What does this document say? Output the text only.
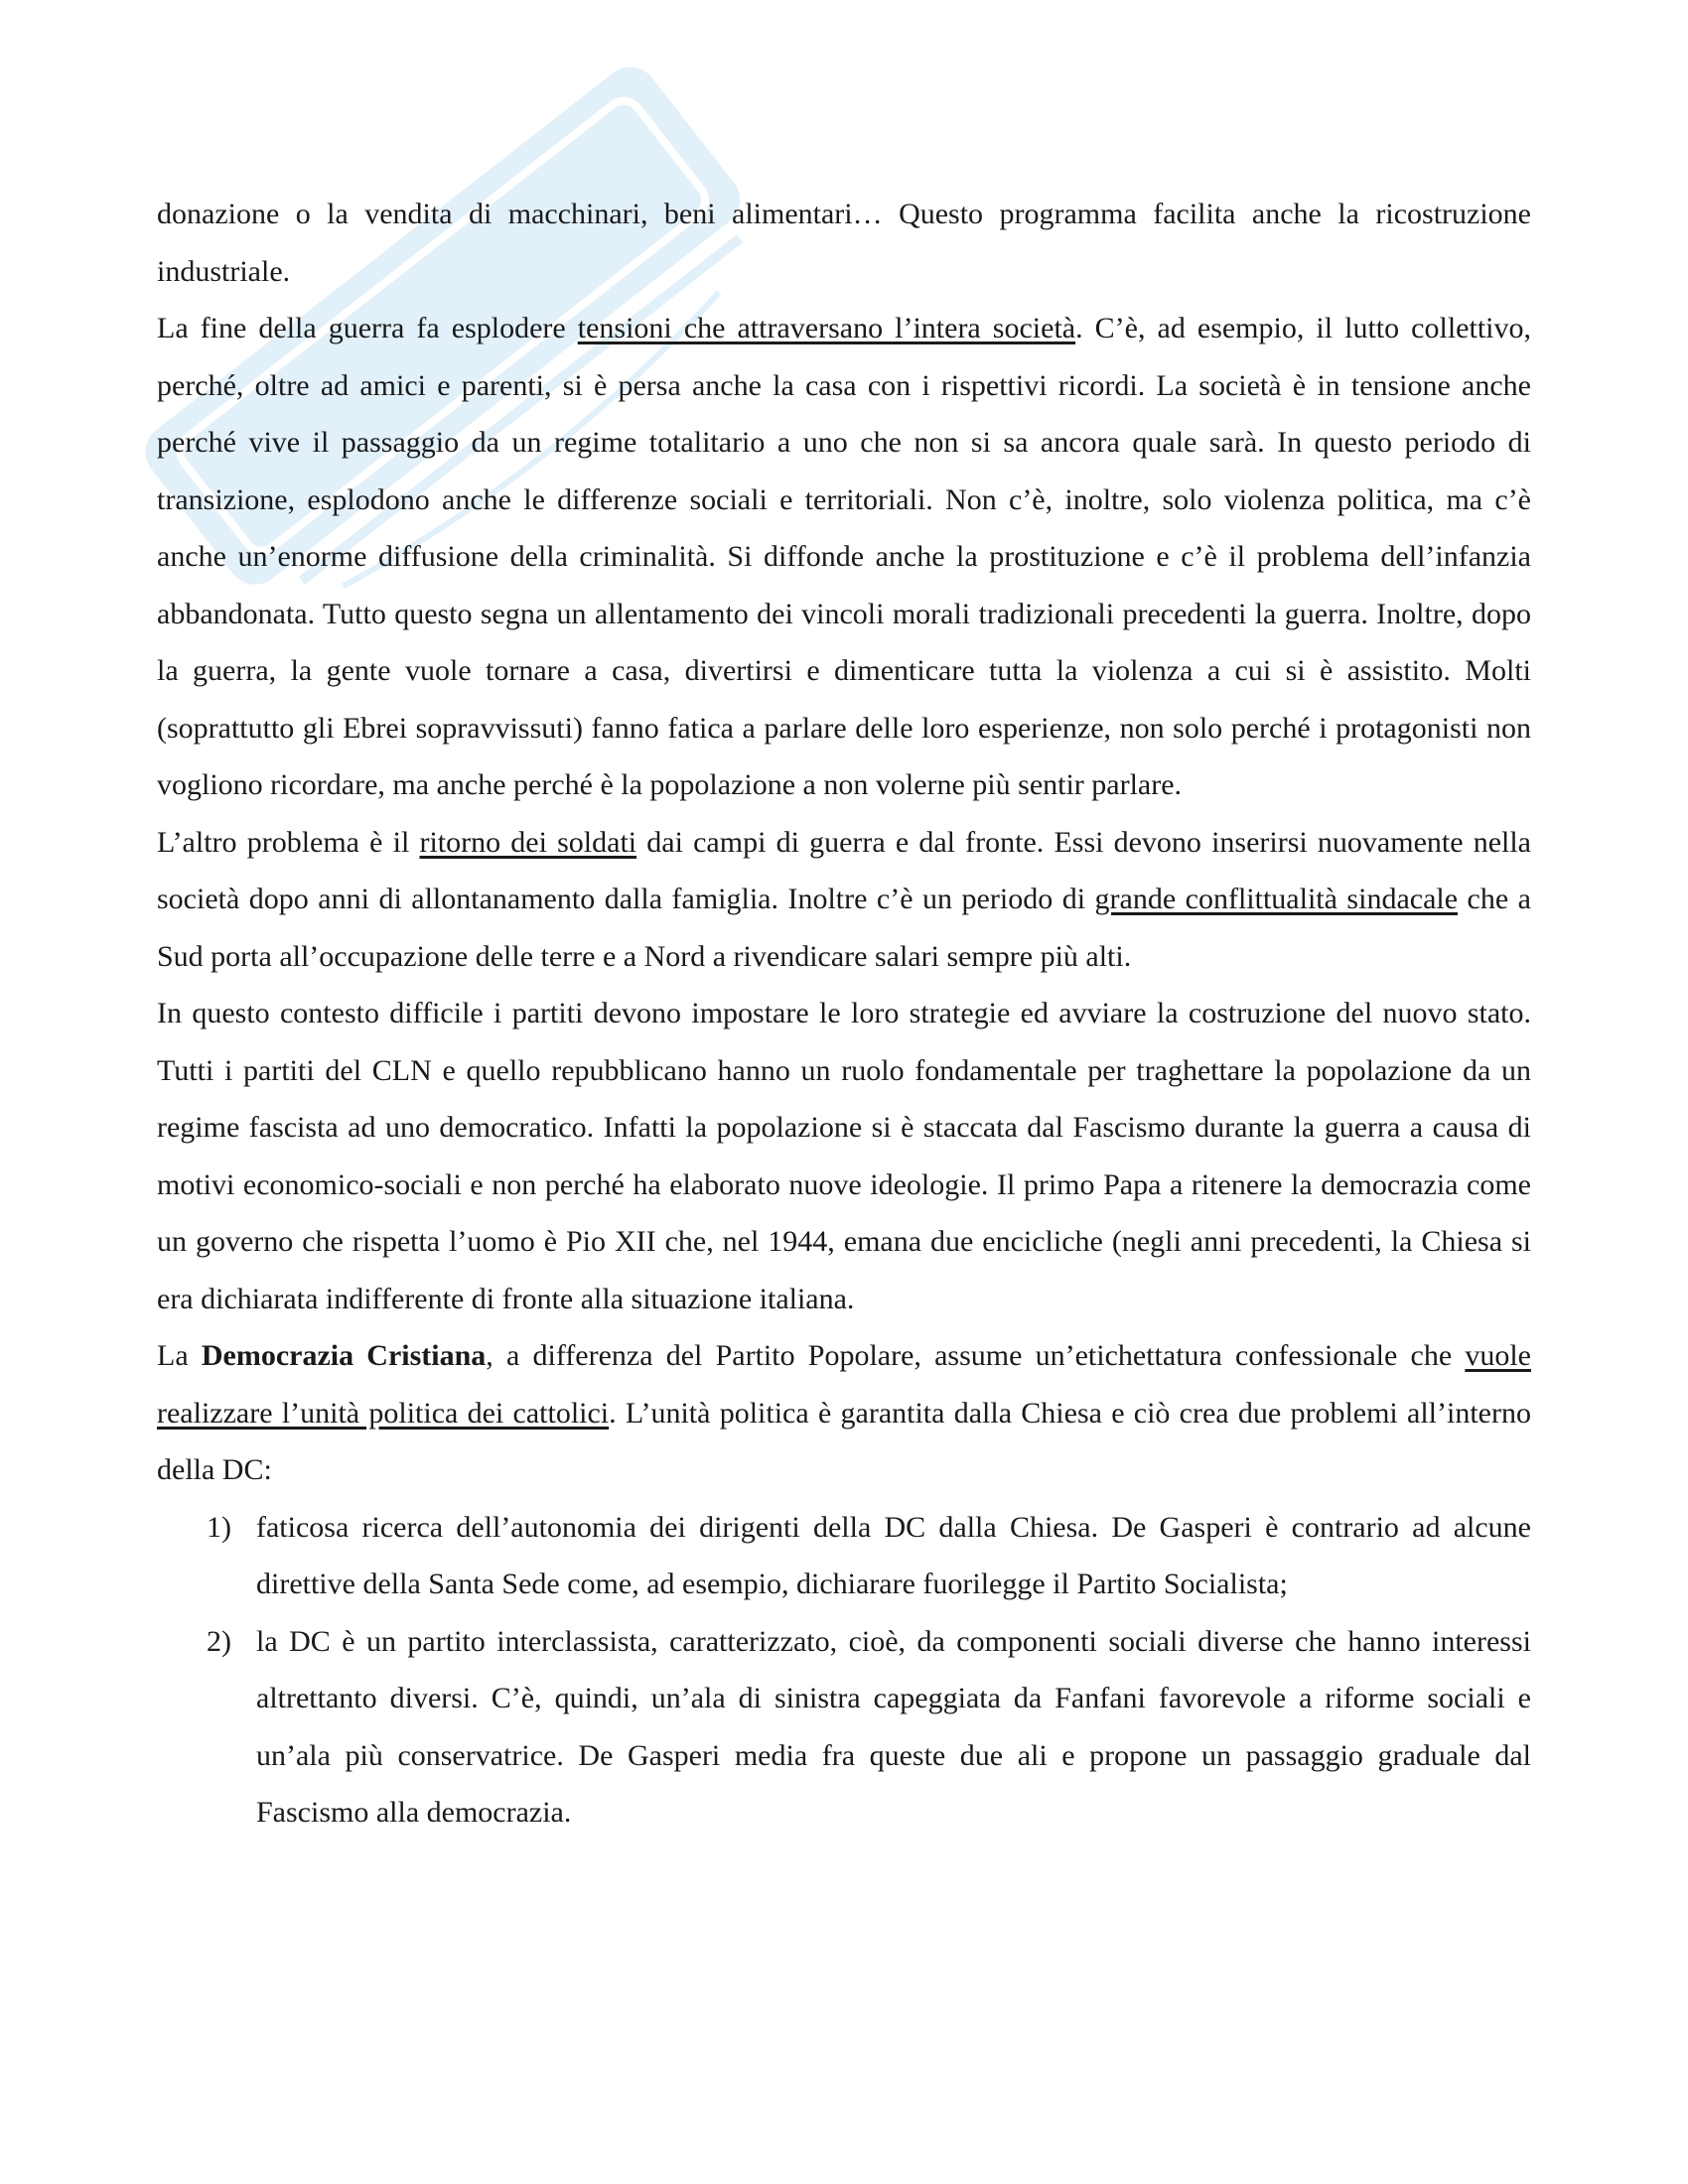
donazione o la vendita di macchinari, beni alimentari… Questo programma facilita anche la ricostruzione industriale.

La fine della guerra fa esplodere tensioni che attraversano l’intera società. C’è, ad esempio, il lutto collettivo, perché, oltre ad amici e parenti, si è persa anche la casa con i rispettivi ricordi. La società è in tensione anche perché vive il passaggio da un regime totalitario a uno che non si sa ancora quale sarà. In questo periodo di transizione, esplodono anche le differenze sociali e territoriali. Non c’è, inoltre, solo violenza politica, ma c’è anche un’enorme diffusione della criminalità. Si diffonde anche la prostituzione e c’è il problema dell’infanzia abbandonata. Tutto questo segna un allentamento dei vincoli morali tradizionali precedenti la guerra. Inoltre, dopo la guerra, la gente vuole tornare a casa, divertirsi e dimenticare tutta la violenza a cui si è assistito. Molti (soprattutto gli Ebrei sopravvissuti) fanno fatica a parlare delle loro esperienze, non solo perché i protagonisti non vogliono ricordare, ma anche perché è la popolazione a non volerne più sentir parlare.

L’altro problema è il ritorno dei soldati dai campi di guerra e dal fronte. Essi devono inserirsi nuovamente nella società dopo anni di allontanamento dalla famiglia. Inoltre c’è un periodo di grande conflittualità sindacale che a Sud porta all’occupazione delle terre e a Nord a rivendicare salari sempre più alti.

In questo contesto difficile i partiti devono impostare le loro strategie ed avviare la costruzione del nuovo stato. Tutti i partiti del CLN e quello repubblicano hanno un ruolo fondamentale per traghettare la popolazione da un regime fascista ad uno democratico. Infatti la popolazione si è staccata dal Fascismo durante la guerra a causa di motivi economico-sociali e non perché ha elaborato nuove ideologie. Il primo Papa a ritenere la democrazia come un governo che rispetta l’uomo è Pio XII che, nel 1944, emana due encicliche (negli anni precedenti, la Chiesa si era dichiarata indifferente di fronte alla situazione italiana.

La Democrazia Cristiana, a differenza del Partito Popolare, assume un’etichettatura confessionale che vuole realizzare l’unità politica dei cattolici. L’unità politica è garantita dalla Chiesa e ciò crea due problemi all’interno della DC:

1) faticosa ricerca dell’autonomia dei dirigenti della DC dalla Chiesa. De Gasperi è contrario ad alcune direttive della Santa Sede come, ad esempio, dichiarare fuorilegge il Partito Socialista;
2) la DC è un partito interclassista, caratterizzato, cioè, da componenti sociali diverse che hanno interessi altrettanto diversi. C’è, quindi, un’ala di sinistra capeggiata da Fanfani favorevole a riforme sociali e un’ala più conservatrice. De Gasperi media fra queste due ali e propone un passaggio graduale dal Fascismo alla democrazia.
